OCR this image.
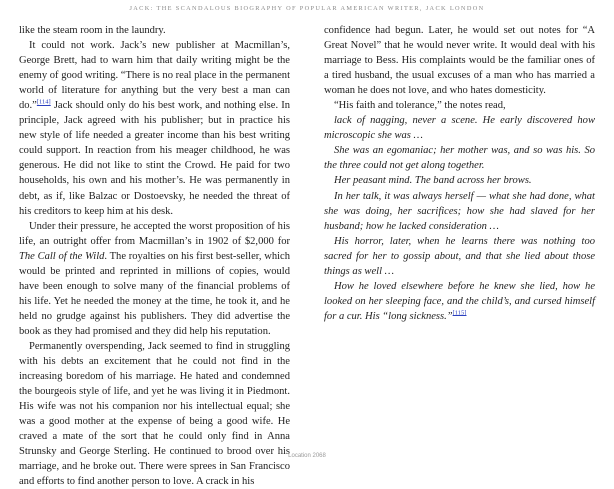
JACK: THE SCANDALOUS BIOGRAPHY OF POPULAR AMERICAN WRITER, JACK LONDON

like the steam room in the laundry.

It could not work. Jack’s new publisher at Macmillan’s, George Brett, had to warn him that daily writing might be the enemy of good writing. “There is no real place in the permanent world of literature for anything but the very best a man can do.”[114] Jack should only do his best work, and nothing else. In principle, Jack agreed with his publisher; but in practice his new style of life needed a greater income than his best writing could support. In reaction from his meager childhood, he was generous. He did not like to stint the Crowd. He paid for two households, his own and his mother’s. He was permanently in debt, as if, like Balzac or Dostoevsky, he needed the threat of his creditors to keep him at his desk.

Under their pressure, he accepted the worst proposition of his life, an outright offer from Macmillan’s in 1902 of $2,000 for The Call of the Wild. The royalties on his first best-seller, which would be printed and reprinted in millions of copies, would have been enough to solve many of the financial problems of his life. Yet he needed the money at the time, he took it, and he held no grudge against his publishers. They did advertise the book as they had promised and they did help his reputation.

Permanently overspending, Jack seemed to find in struggling with his debts an excitement that he could not find in the increasing boredom of his marriage. He hated and condemned the bourgeois style of life, and yet he was living it in Piedmont. His wife was not his companion nor his intellectual equal; she was a good mother at the expense of being a good wife. He craved a mate of the sort that he could only find in Anna Strunsky and George Sterling. He continued to brood over his marriage, and he broke out. There were sprees in San Francisco and efforts to find another person to love. A crack in his

confidence had begun. Later, he would set out notes for “A Great Novel” that he would never write. It would deal with his marriage to Bess. His complaints would be the familiar ones of a tired husband, the usual excuses of a man who has married a woman he does not love, and who hates domesticity.

“His faith and tolerance,” the notes read,

lack of nagging, never a scene. He early discovered how microscopic she was …

She was an egomaniac; her mother was, and so was his. So the three could not get along together.

Her peasant mind. The band across her brows.

In her talk, it was always herself — what she had done, what she was doing, her sacrifices; how she had slaved for her husband; how he lacked consideration …

His horror, later, when he learns there was nothing too sacred for her to gossip about, and that she lied about those things as well …

How he loved elsewhere before he knew she lied, how he looked on her sleeping face, and the child’s, and cursed himself for a cur. His “long sickness.”[115]

Location 2068
